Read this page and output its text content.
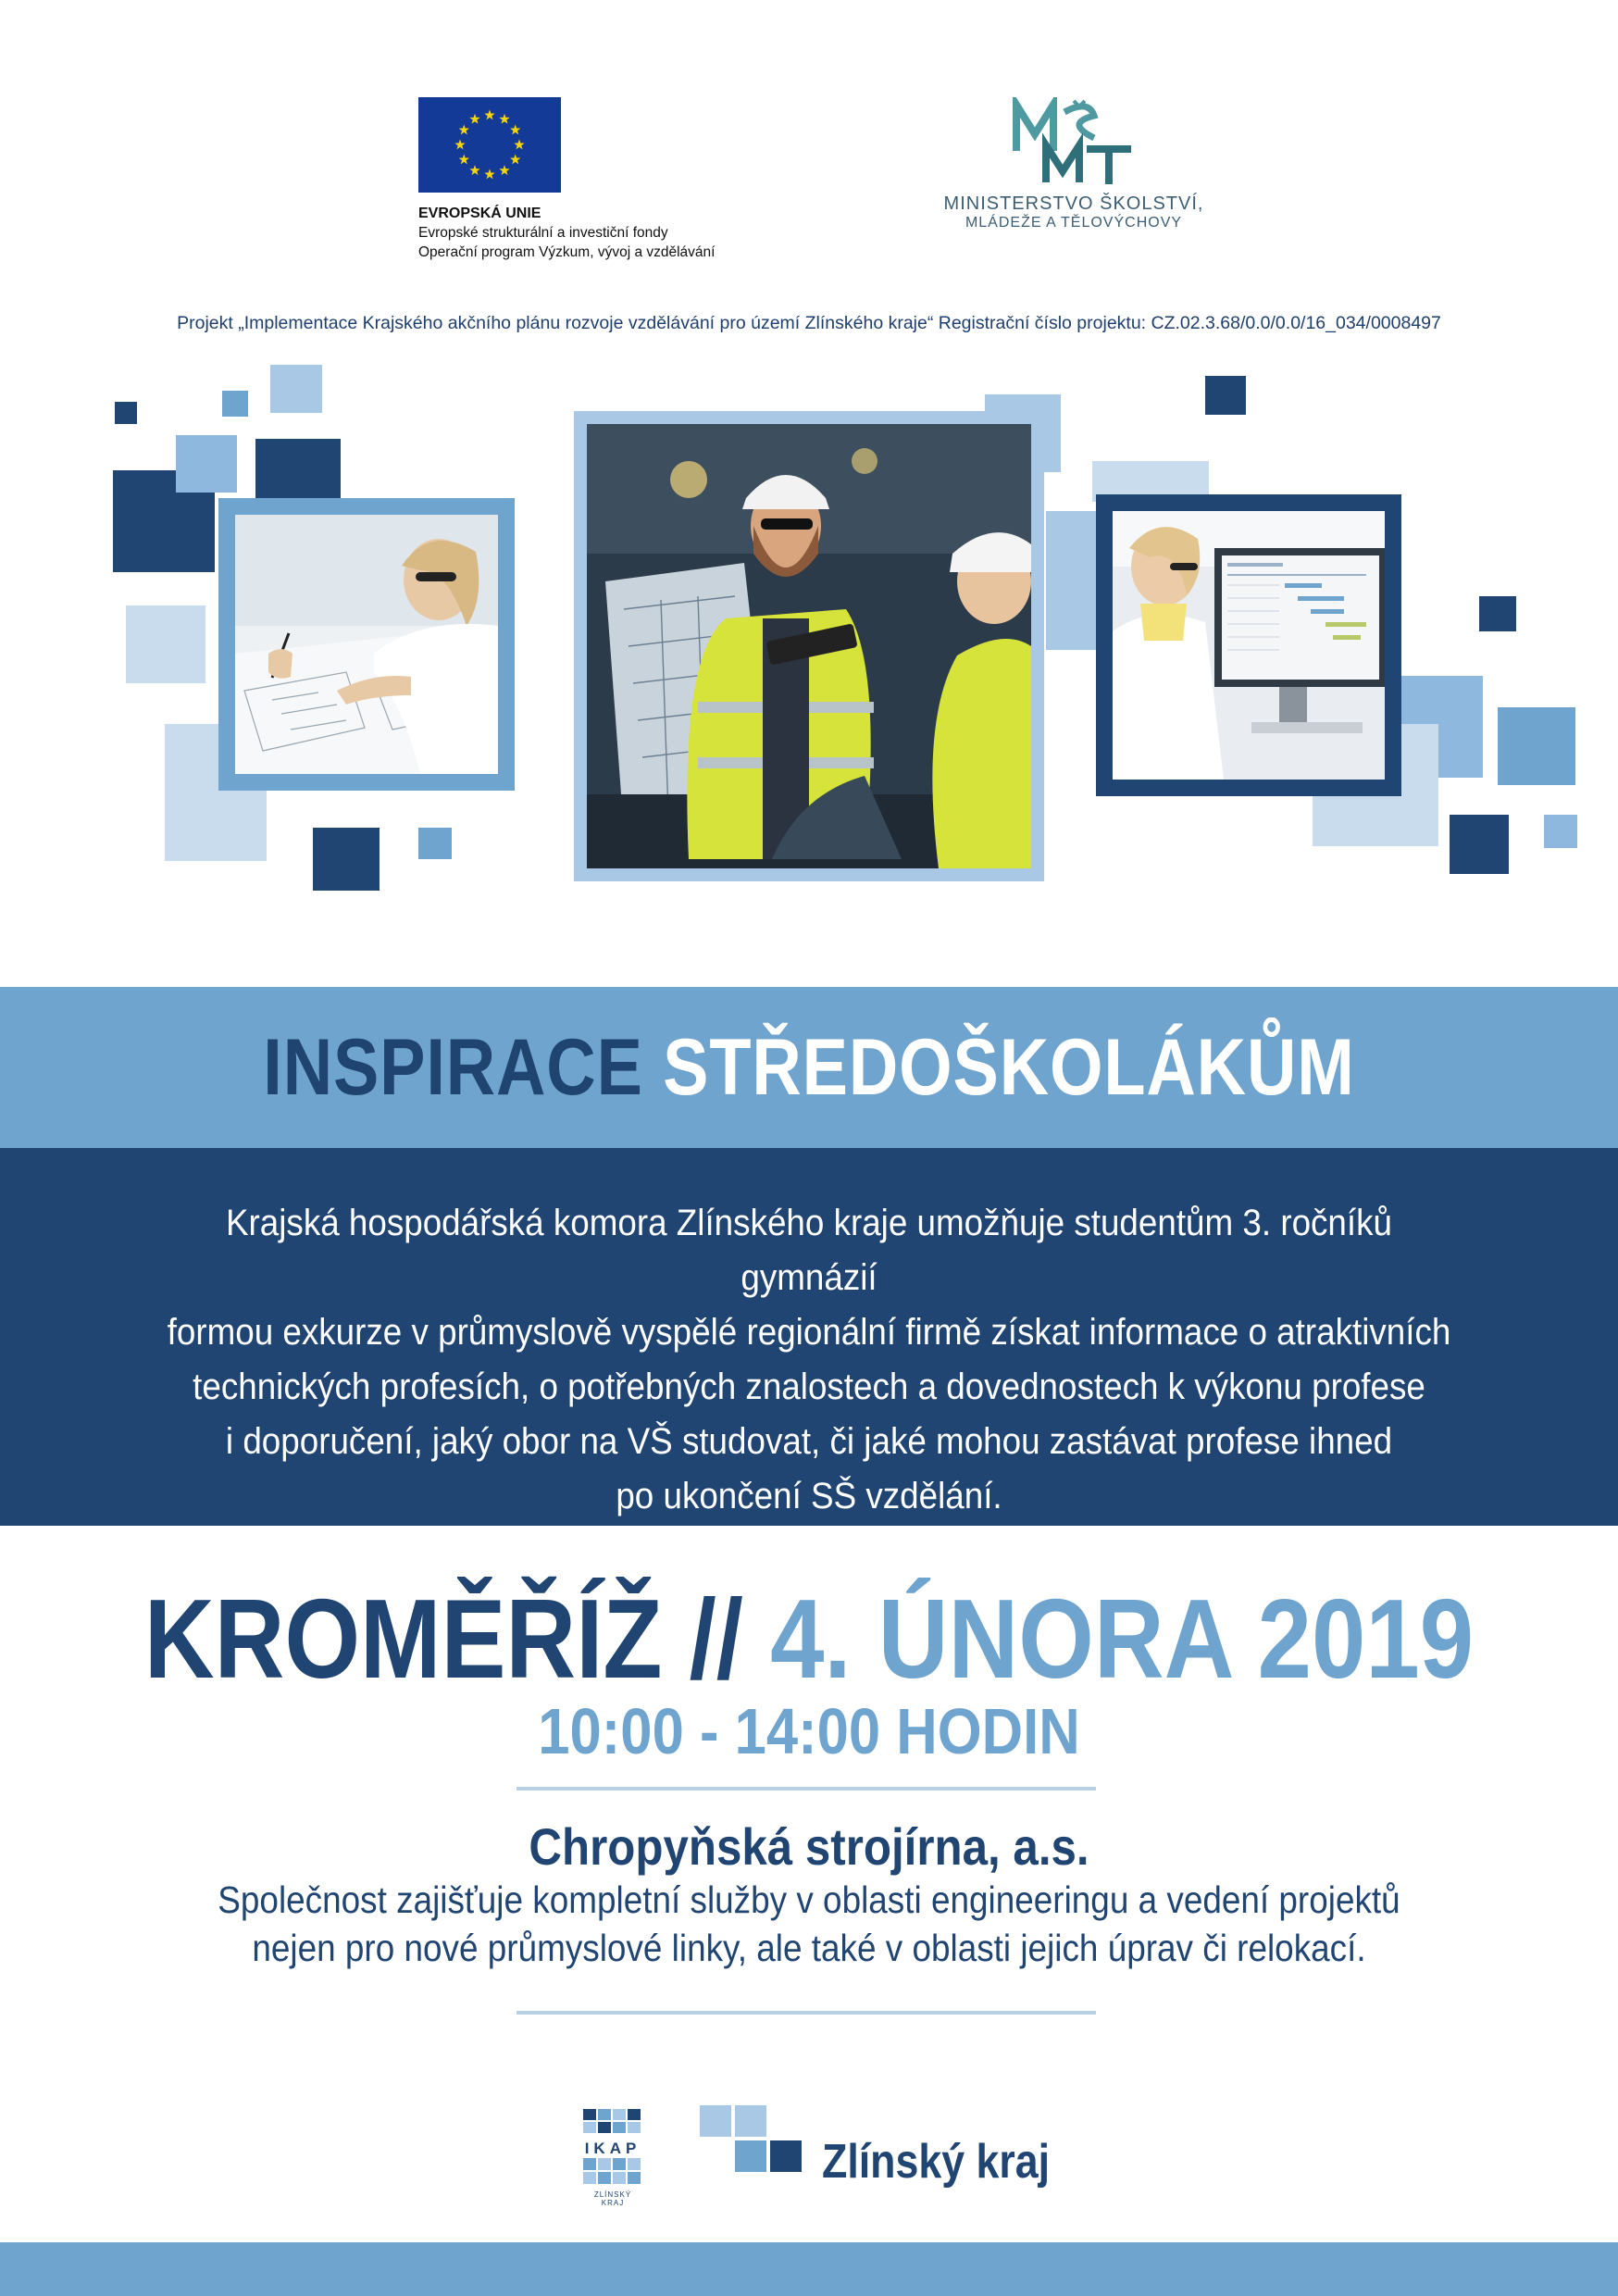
EVROPSKÁ UNIE
Evropské strukturální a investiční fondy
Operační program Výzkum, vývoj a vzdělávání
MINISTERSTVO ŠKOLSTVÍ,
MLÁDEŽE A TĚLOVÝCHOVY
Projekt „Implementace Krajského akčního plánu rozvoje vzdělávání pro území Zlínského kraje“ Registrační číslo projektu: CZ.02.3.68/0.0/0.0/16_034/0008497
INSPIRACE STŘEDOŠKOLÁKŮM
Krajská hospodářská komora Zlínského kraje umožňuje studentům 3. ročníků gymnázií
formou exkurze v průmyslově vyspělé regionální firmě získat informace o atraktivních
technických profesích, o potřebných znalostech a dovednostech k výkonu profese
i doporučení, jaký obor na VŠ studovat, či jaké mohou zastávat profese ihned
po ukončení SŠ vzdělání.
KROMĚŘÍŽ // 4. ÚNORA 2019
10:00 - 14:00 HODIN
Chropyňská strojírna, a.s.
Společnost zajišťuje kompletní služby v oblasti engineeringu a vedení projektů
nejen pro nové průmyslové linky, ale také v oblasti jejich úprav či relokací.
IKAP
ZLÍNSKÝ KRAJ
Zlínský kraj
